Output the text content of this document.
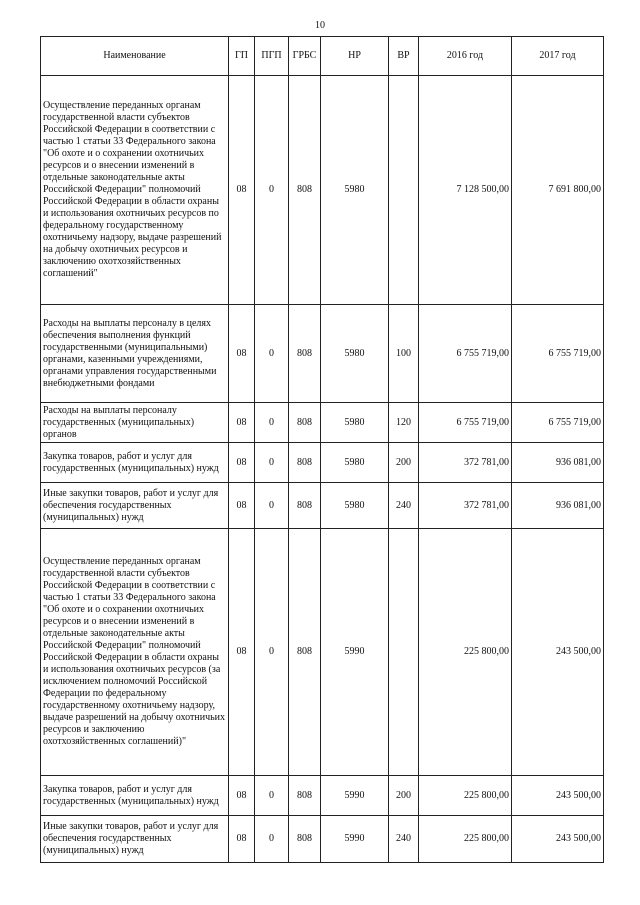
10
Наименование	ГП	ПГП	ГРБС	НР	ВР	2016 год	2017 год
Осуществление переданных органам государственной власти субъектов Российской Федерации в соответствии с частью 1 статьи 33 Федерального закона "Об охоте и о сохранении охотничьих ресурсов и о внесении изменений в отдельные законодательные акты Российской Федерации" полномочий Российской Федерации в области охраны и использования охотничьих ресурсов по федеральному государственному охотничьему надзору, выдаче разрешений на добычу охотничьих ресурсов и заключению охотхозяйственных соглашений"	08	0	808	5980		7 128 500,00	7 691 800,00
Расходы на выплаты персоналу в целях обеспечения выполнения функций государственными (муниципальными) органами, казенными учреждениями, органами управления государственными внебюджетными фондами	08	0	808	5980	100	6 755 719,00	6 755 719,00
Расходы на выплаты персоналу государственных (муниципальных) органов	08	0	808	5980	120	6 755 719,00	6 755 719,00
Закупка товаров, работ и услуг для государственных (муниципальных) нужд	08	0	808	5980	200	372 781,00	936 081,00
Иные закупки товаров, работ и услуг для обеспечения государственных (муниципальных) нужд	08	0	808	5980	240	372 781,00	936 081,00
Осуществление переданных органам государственной власти субъектов Российской Федерации в соответствии с частью 1 статьи 33 Федерального закона "Об охоте и о сохранении охотничьих ресурсов и о внесении изменений в отдельные законодательные акты Российской Федерации" полномочий Российской Федерации в области охраны и использования охотничьих ресурсов (за исключением полномочий Российской Федерации по федеральному государственному охотничьему надзору, выдаче разрешений на добычу охотничьих ресурсов и заключению охотхозяйственных соглашений)"	08	0	808	5990		225 800,00	243 500,00
Закупка товаров, работ и услуг для государственных (муниципальных) нужд	08	0	808	5990	200	225 800,00	243 500,00
Иные закупки товаров, работ и услуг для обеспечения государственных (муниципальных) нужд	08	0	808	5990	240	225 800,00	243 500,00
